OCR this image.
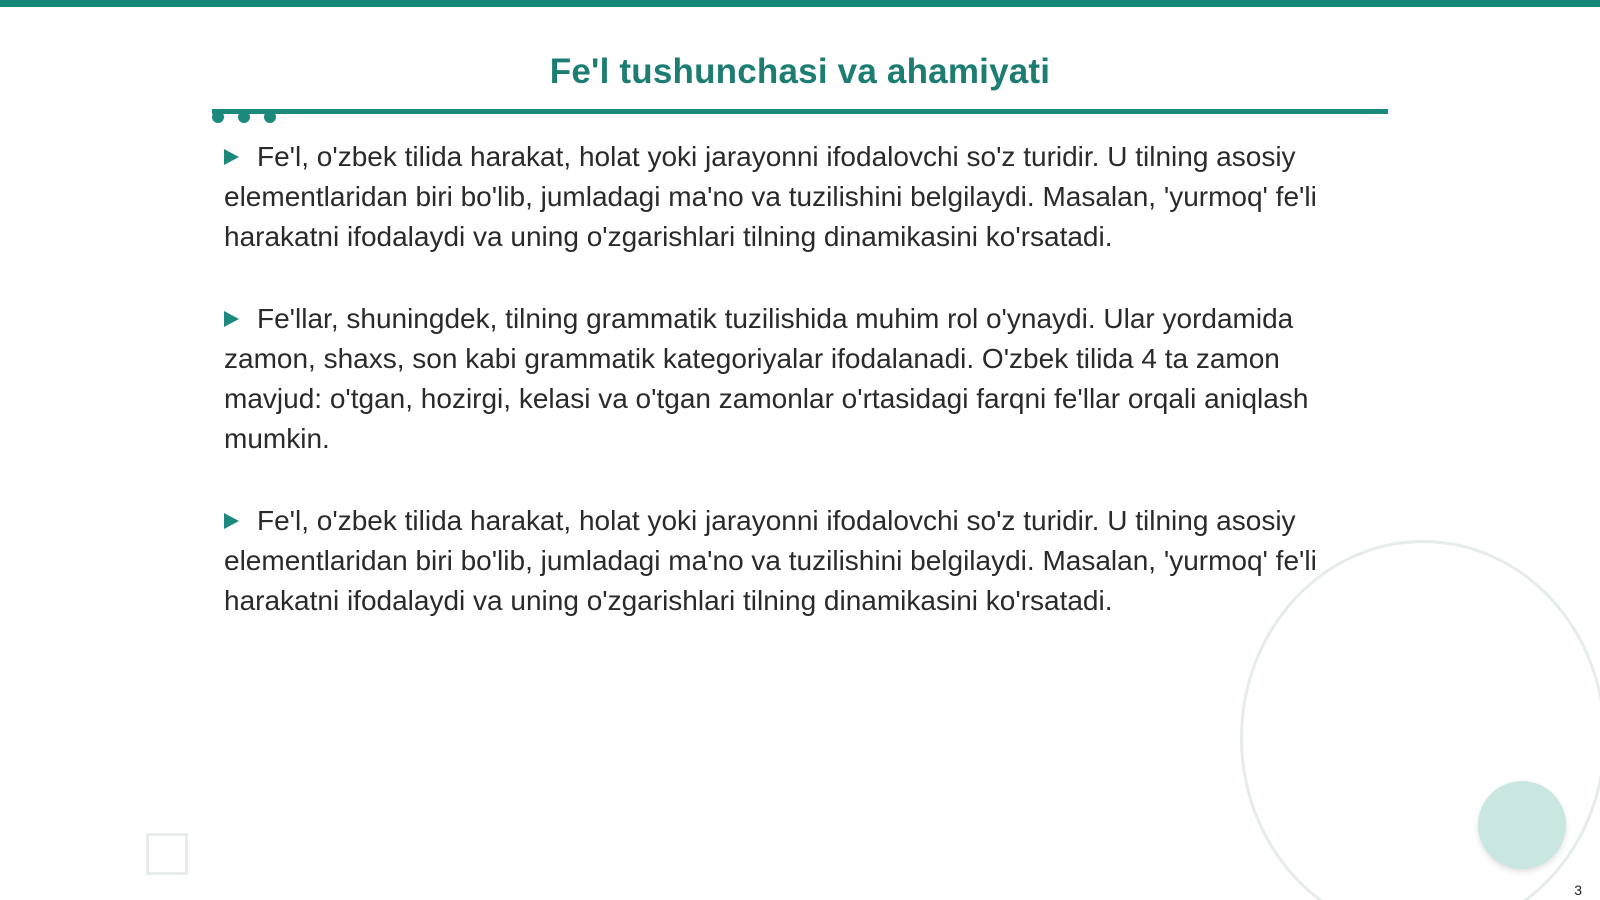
Fe'l tushunchasi va ahamiyati

Fe'l, o'zbek tilida harakat, holat yoki jarayonni ifodalovchi so'z turidir. U tilning asosiy elementlaridan biri bo'lib, jumladagi ma'no va tuzilishini belgilaydi. Masalan, 'yurmoq' fe'li harakatni ifodalaydi va uning o'zgarishlari tilning dinamikasini ko'rsatadi.

Fe'llar, shuningdek, tilning grammatik tuzilishida muhim rol o'ynaydi. Ular yordamida zamon, shaxs, son kabi grammatik kategoriyalar ifodalanadi. O'zbek tilida 4 ta zamon mavjud: o'tgan, hozirgi, kelasi va o'tgan zamonlar o'rtasidagi farqni fe'llar orqali aniqlash mumkin.

Fe'l, o'zbek tilida harakat, holat yoki jarayonni ifodalovchi so'z turidir. U tilning asosiy elementlaridan biri bo'lib, jumladagi ma'no va tuzilishini belgilaydi. Masalan, 'yurmoq' fe'li harakatni ifodalaydi va uning o'zgarishlari tilning dinamikasini ko'rsatadi.

3
